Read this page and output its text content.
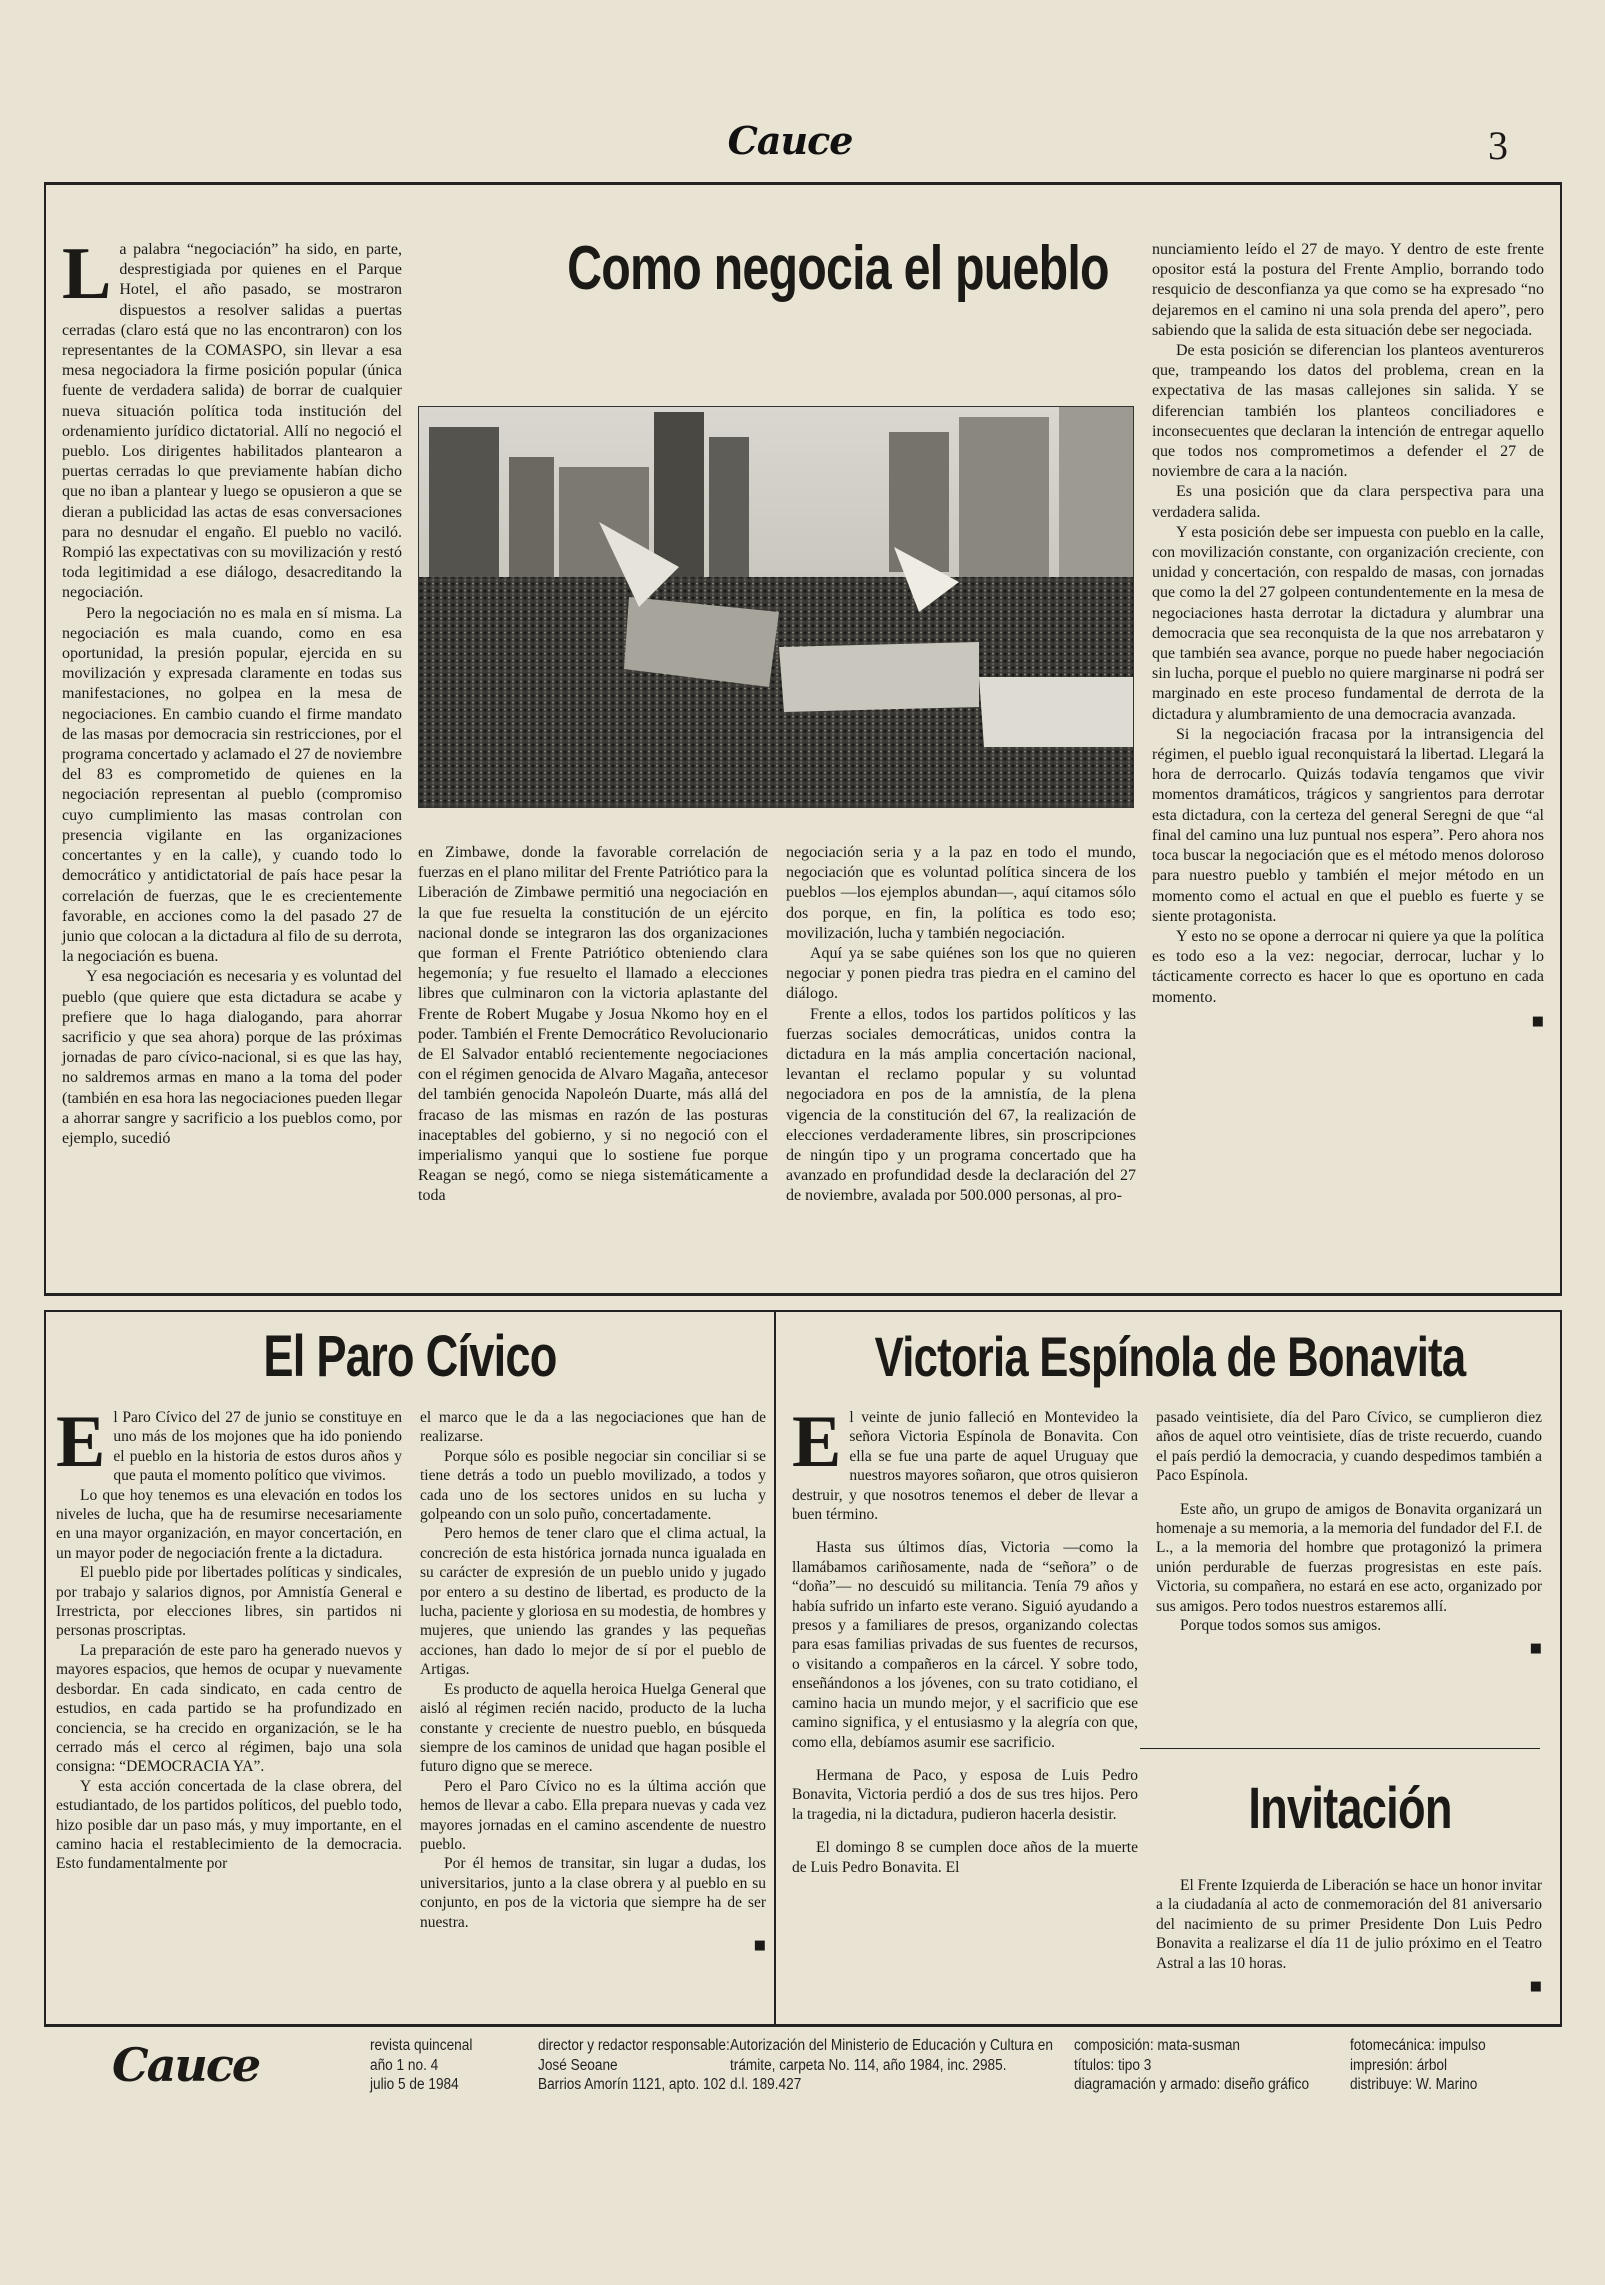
Cauce	3
Como negocia el pueblo

La palabra “negociación” ha sido, en parte, desprestigiada por quienes en el Parque Hotel, el año pasado, se mostraron dispuestos a resolver salidas a puertas cerradas (claro está que no las encontraron) con los representantes de la COMASPO, sin llevar a esa mesa negociadora la firme posición popular (única fuente de verdadera salida) de borrar de cualquier nueva situación política toda institución del ordenamiento jurídico dictatorial. Allí no negoció el pueblo. Los dirigentes habilitados plantearon a puertas cerradas lo que previamente habían dicho que no iban a plantear y luego se opusieron a que se dieran a publicidad las actas de esas conversaciones para no desnudar el engaño. El pueblo no vaciló. Rompió las expectativas con su movilización y restó toda legitimidad a ese diálogo, desacreditando la negociación.

Pero la negociación no es mala en sí misma. La negociación es mala cuando, como en esa oportunidad, la presión popular, ejercida en su movilización y expresada claramente en todas sus manifestaciones, no golpea en la mesa de negociaciones. En cambio cuando el firme mandato de las masas por democracia sin restricciones, por el programa concertado y aclamado el 27 de noviembre del 83 es comprometido de quienes en la negociación representan al pueblo (compromiso cuyo cumplimiento las masas controlan con presencia vigilante en las organizaciones concertantes y en la calle), y cuando todo lo democrático y antidictatorial de país hace pesar la correlación de fuerzas, que le es crecientemente favorable, en acciones como la del pasado 27 de junio que colocan a la dictadura al filo de su derrota, la negociación es buena.

Y esa negociación es necesaria y es voluntad del pueblo (que quiere que esta dictadura se acabe y prefiere que lo haga dialogando, para ahorrar sacrificio y que sea ahora) porque de las próximas jornadas de paro cívico-nacional, si es que las hay, no saldremos armas en mano a la toma del poder (también en esa hora las negociaciones pueden llegar a ahorrar sangre y sacrificio a los pueblos como, por ejemplo, sucedió

en Zimbawe, donde la favorable correlación de fuerzas en el plano militar del Frente Patriótico para la Liberación de Zimbawe permitió una negociación en la que fue resuelta la constitución de un ejército nacional donde se integraron las dos organizaciones que forman el Frente Patriótico obteniendo clara hegemonía; y fue resuelto el llamado a elecciones libres que culminaron con la victoria aplastante del Frente de Robert Mugabe y Josua Nkomo hoy en el poder. También el Frente Democrático Revolucionario de El Salvador entabló recientemente negociaciones con el régimen genocida de Alvaro Magaña, antecesor del también genocida Napoleón Duarte, más allá del fracaso de las mismas en razón de las posturas inaceptables del gobierno, y si no negoció con el imperialismo yanqui que lo sostiene fue porque Reagan se negó, como se niega sistemáticamente a toda

negociación seria y a la paz en todo el mundo, negociación que es voluntad política sincera de los pueblos —los ejemplos abundan—, aquí citamos sólo dos porque, en fin, la política es todo eso; movilización, lucha y también negociación.

Aquí ya se sabe quiénes son los que no quieren negociar y ponen piedra tras piedra en el camino del diálogo.

Frente a ellos, todos los partidos políticos y las fuerzas sociales democráticas, unidos contra la dictadura en la más amplia concertación nacional, levantan el reclamo popular y su voluntad negociadora en pos de la amnistía, de la plena vigencia de la constitución del 67, la realización de elecciones verdaderamente libres, sin proscripciones de ningún tipo y un programa concertado que ha avanzado en profundidad desde la declaración del 27 de noviembre, avalada por 500.000 personas, al pro-

nunciamiento leído el 27 de mayo. Y dentro de este frente opositor está la postura del Frente Amplio, borrando todo resquicio de desconfianza ya que como se ha expresado “no dejaremos en el camino ni una sola prenda del apero”, pero sabiendo que la salida de esta situación debe ser negociada.

De esta posición se diferencian los planteos aventureros que, trampeando los datos del problema, crean en la expectativa de las masas callejones sin salida. Y se diferencian también los planteos conciliadores e inconsecuentes que declaran la intención de entregar aquello que todos nos comprometimos a defender el 27 de noviembre de cara a la nación.

Es una posición que da clara perspectiva para una verdadera salida.

Y esta posición debe ser impuesta con pueblo en la calle, con movilización constante, con organización creciente, con unidad y concertación, con respaldo de masas, con jornadas que como la del 27 golpeen contundentemente en la mesa de negociaciones hasta derrotar la dictadura y alumbrar una democracia que sea reconquista de la que nos arrebataron y que también sea avance, porque no puede haber negociación sin lucha, porque el pueblo no quiere marginarse ni podrá ser marginado en este proceso fundamental de derrota de la dictadura y alumbramiento de una democracia avanzada.

Si la negociación fracasa por la intransigencia del régimen, el pueblo igual reconquistará la libertad. Llegará la hora de derrocarlo. Quizás todavía tengamos que vivir momentos dramáticos, trágicos y sangrientos para derrotar esta dictadura, con la certeza del general Seregni de que “al final del camino una luz puntual nos espera”. Pero ahora nos toca buscar la negociación que es el método menos doloroso para nuestro pueblo y también el mejor método en un momento como el actual en que el pueblo es fuerte y se siente protagonista.

Y esto no se opone a derrocar ni quiere ya que la política es todo eso a la vez: negociar, derrocar, luchar y lo tácticamente correcto es hacer lo que es oportuno en cada momento.

■
El Paro Cívico

El Paro Cívico del 27 de junio se constituye en uno más de los mojones que ha ido poniendo el pueblo en la historia de estos duros años y que pauta el momento político que vivimos.

Lo que hoy tenemos es una elevación en todos los niveles de lucha, que ha de resumirse necesariamente en una mayor organización, en mayor concertación, en un mayor poder de negociación frente a la dictadura.

El pueblo pide por libertades políticas y sindicales, por trabajo y salarios dignos, por Amnistía General e Irrestricta, por elecciones libres, sin partidos ni personas proscriptas.

La preparación de este paro ha generado nuevos y mayores espacios, que hemos de ocupar y nuevamente desbordar. En cada sindicato, en cada centro de estudios, en cada partido se ha profundizado en conciencia, se ha crecido en organización, se le ha cerrado más el cerco al régimen, bajo una sola consigna: “DEMOCRACIA YA”.

Y esta acción concertada de la clase obrera, del estudiantado, de los partidos políticos, del pueblo todo, hizo posible dar un paso más, y muy importante, en el camino hacia el restablecimiento de la democracia. Esto fundamentalmente por

el marco que le da a las negociaciones que han de realizarse.

Porque sólo es posible negociar sin conciliar si se tiene detrás a todo un pueblo movilizado, a todos y cada uno de los sectores unidos en su lucha y golpeando con un solo puño, concertadamente.

Pero hemos de tener claro que el clima actual, la concreción de esta histórica jornada nunca igualada en su carácter de expresión de un pueblo unido y jugado por entero a su destino de libertad, es producto de la lucha, paciente y gloriosa en su modestia, de hombres y mujeres, que uniendo las grandes y las pequeñas acciones, han dado lo mejor de sí por el pueblo de Artigas.

Es producto de aquella heroica Huelga General que aisló al régimen recién nacido, producto de la lucha constante y creciente de nuestro pueblo, en búsqueda siempre de los caminos de unidad que hagan posible el futuro digno que se merece.

Pero el Paro Cívico no es la última acción que hemos de llevar a cabo. Ella prepara nuevas y cada vez mayores jornadas en el camino ascendente de nuestro pueblo.

Por él hemos de transitar, sin lugar a dudas, los universitarios, junto a la clase obrera y al pueblo en su conjunto, en pos de la victoria que siempre ha de ser nuestra.

■
Victoria Espínola de Bonavita

El veinte de junio falleció en Montevideo la señora Victoria Espínola de Bonavita. Con ella se fue una parte de aquel Uruguay que nuestros mayores soñaron, que otros quisieron destruir, y que nosotros tenemos el deber de llevar a buen término.

Hasta sus últimos días, Victoria —como la llamábamos cariñosamente, nada de “señora” o de “doña”— no descuidó su militancia. Tenía 79 años y había sufrido un infarto este verano. Siguió ayudando a presos y a familiares de presos, organizando colectas para esas familias privadas de sus fuentes de recursos, o visitando a compañeros en la cárcel. Y sobre todo, enseñándonos a los jóvenes, con su trato cotidiano, el camino hacia un mundo mejor, y el sacrificio que ese camino significa, y el entusiasmo y la alegría con que, como ella, debíamos asumir ese sacrificio.

Hermana de Paco, y esposa de Luis Pedro Bonavita, Victoria perdió a dos de sus tres hijos. Pero la tragedia, ni la dictadura, pudieron hacerla desistir.

El domingo 8 se cumplen doce años de la muerte de Luis Pedro Bonavita. El

pasado veintisiete, día del Paro Cívico, se cumplieron diez años de aquel otro veintisiete, días de triste recuerdo, cuando el país perdió la democracia, y cuando despedimos también a Paco Espínola.

Este año, un grupo de amigos de Bonavita organizará un homenaje a su memoria, a la memoria del fundador del F.I. de L., a la memoria del hombre que protagonizó la primera unión perdurable de fuerzas progresistas en este país. Victoria, su compañera, no estará en ese acto, organizado por sus amigos. Pero todos nuestros estaremos allí.

Porque todos somos sus amigos.

■
Invitación

El Frente Izquierda de Liberación se hace un honor invitar a la ciudadanía al acto de conmemoración del 81 aniversario del nacimiento de su primer Presidente Don Luis Pedro Bonavita a realizarse el día 11 de julio próximo en el Teatro Astral a las 10 horas.

■
Cauce	revista quincenal
año 1 no. 4
julio 5 de 1984
director y redactor responsable:
José Seoane
Barrios Amorín 1121, apto. 102
Autorización del Ministerio de Educación y Cultura en
trámite, carpeta No. 114, año 1984, inc. 2985.
d.l. 189.427
composición: mata-susman
títulos: tipo 3
diagramación y armado: diseño gráfico
fotomecánica: impulso
impresión: árbol
distribuye: W. Marino
